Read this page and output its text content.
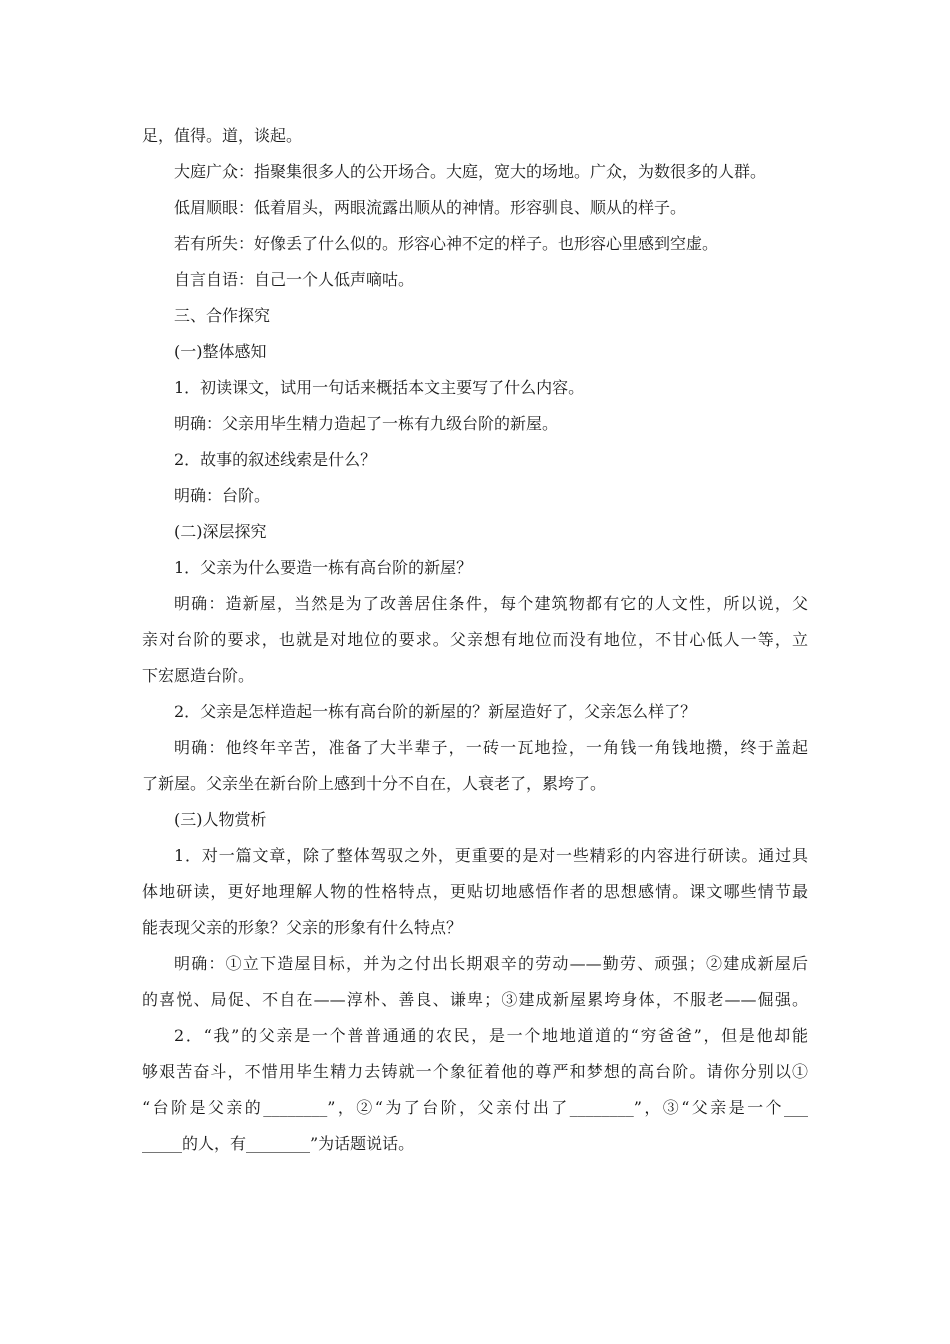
足，值得。道，谈起。

大庭广众：指聚集很多人的公开场合。大庭，宽大的场地。广众，为数很多的人群。

低眉顺眼：低着眉头，两眼流露出顺从的神情。形容驯良、顺从的样子。

若有所失：好像丢了什么似的。形容心神不定的样子。也形容心里感到空虚。

自言自语：自己一个人低声嘀咕。

三、合作探究

(一)整体感知

1．初读课文，试用一句话来概括本文主要写了什么内容。

明确：父亲用毕生精力造起了一栋有九级台阶的新屋。

2．故事的叙述线索是什么？

明确：台阶。

(二)深层探究

1．父亲为什么要造一栋有高台阶的新屋？

明确：造新屋，当然是为了改善居住条件，每个建筑物都有它的人文性，所以说，父

亲对台阶的要求，也就是对地位的要求。父亲想有地位而没有地位，不甘心低人一等，立

下宏愿造台阶。

2．父亲是怎样造起一栋有高台阶的新屋的？新屋造好了，父亲怎么样了？

明确：他终年辛苦，准备了大半辈子，一砖一瓦地捡，一角钱一角钱地攒，终于盖起

了新屋。父亲坐在新台阶上感到十分不自在，人衰老了，累垮了。

(三)人物赏析

1．对一篇文章，除了整体驾驭之外，更重要的是对一些精彩的内容进行研读。通过具

体地研读，更好地理解人物的性格特点，更贴切地感悟作者的思想感情。课文哪些情节最

能表现父亲的形象？父亲的形象有什么特点？

明确：①立下造屋目标，并为之付出长期艰辛的劳动——勤劳、顽强；②建成新屋后

的喜悦、局促、不自在——淳朴、善良、谦卑；③建成新屋累垮身体，不服老——倔强。

2．“我”的父亲是一个普普通通的农民，是一个地地道道的“穷爸爸”，但是他却能

够艰苦奋斗，不惜用毕生精力去铸就一个象征着他的尊严和梦想的高台阶。请你分别以①

“台阶是父亲的________”，②“为了台阶，父亲付出了________”，③“父亲是一个___

_____的人，有________”为话题说话。
